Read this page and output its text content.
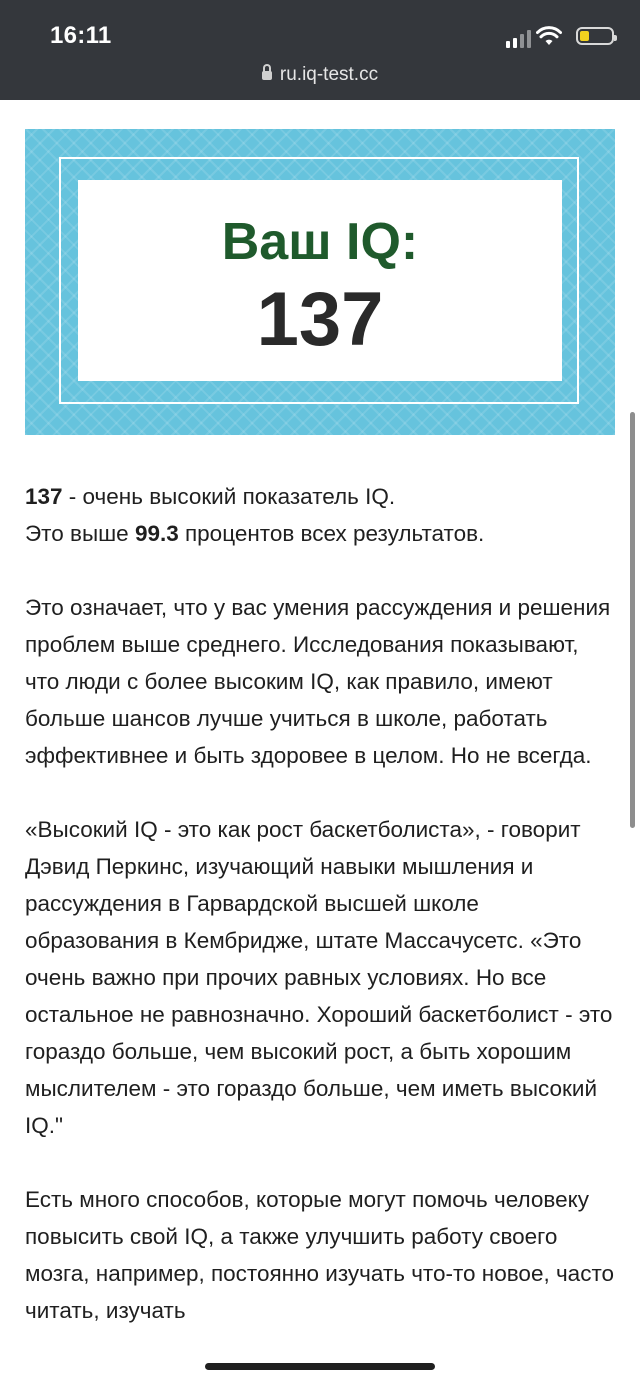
16:11
ru.iq-test.cc
Ваш IQ:
137

137 - очень высокий показатель IQ.
Это выше 99.3 процентов всех результатов.

Это означает, что у вас умения рассуждения и решения проблем выше среднего. Исследования показывают, что люди с более высоким IQ, как правило, имеют больше шансов лучше учиться в школе, работать эффективнее и быть здоровее в целом. Но не всегда.

«Высокий IQ - это как рост баскетболиста», - говорит Дэвид Перкинс, изучающий навыки мышления и рассуждения в Гарвардской высшей школе образования в Кембридже, штате Массачусетс. «Это очень важно при прочих равных условиях. Но все остальное не равнозначно. Хороший баскетболист - это гораздо больше, чем высокий рост, а быть хорошим мыслителем - это гораздо больше, чем иметь высокий IQ."

Есть много способов, которые могут помочь человеку повысить свой IQ, а также улучшить работу своего мозга, например, постоянно изучать что-то новое, часто читать, изучать
